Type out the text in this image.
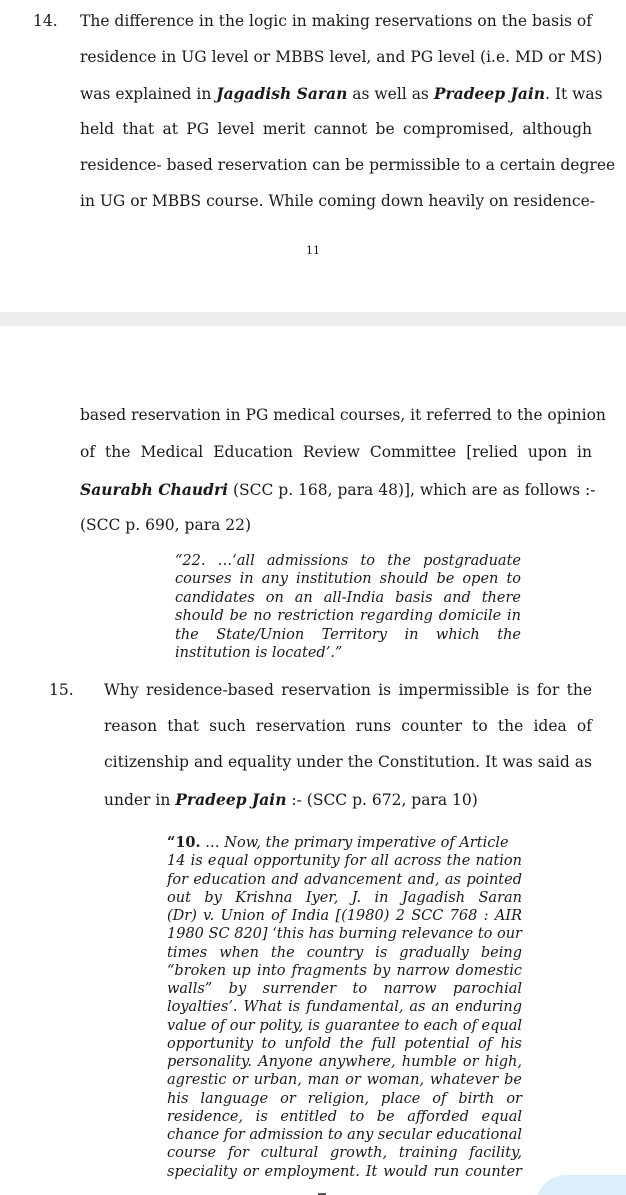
14. The difference in the logic in making reservations on the basis of
residence in UG level or MBBS level, and PG level (i.e. MD or MS)
was explained in Jagadish Saran as well as Pradeep Jain. It was
held that at PG level merit cannot be compromised, although
residence- based reservation can be permissible to a certain degree
in UG or MBBS course. While coming down heavily on residence-
11
based reservation in PG medical courses, it referred to the opinion
of the Medical Education Review Committee [relied upon in
Saurabh Chaudri (SCC p. 168, para 48)], which are as follows :-
(SCC p. 690, para 22)
“22. …‘all admissions to the postgraduate
courses in any institution should be open to
candidates on an all-India basis and there
should be no restriction regarding domicile in
the State/Union Territory in which the
institution is located’.”
15. Why residence-based reservation is impermissible is for the
reason that such reservation runs counter to the idea of
citizenship and equality under the Constitution. It was said as
under in Pradeep Jain :- (SCC p. 672, para 10)
“10. … Now, the primary imperative of Article
14 is equal opportunity for all across the nation
for education and advancement and, as pointed
out by Krishna Iyer, J. in Jagadish Saran
(Dr) v. Union of India [(1980) 2 SCC 768 : AIR
1980 SC 820] ‘this has burning relevance to our
times when the country is gradually being
“broken up into fragments by narrow domestic
walls” by surrender to narrow parochial
loyalties’. What is fundamental, as an enduring
value of our polity, is guarantee to each of equal
opportunity to unfold the full potential of his
personality. Anyone anywhere, humble or high,
agrestic or urban, man or woman, whatever be
his language or religion, place of birth or
residence, is entitled to be afforded equal
chance for admission to any secular educational
course for cultural growth, training facility,
speciality or employment. It would run counter
